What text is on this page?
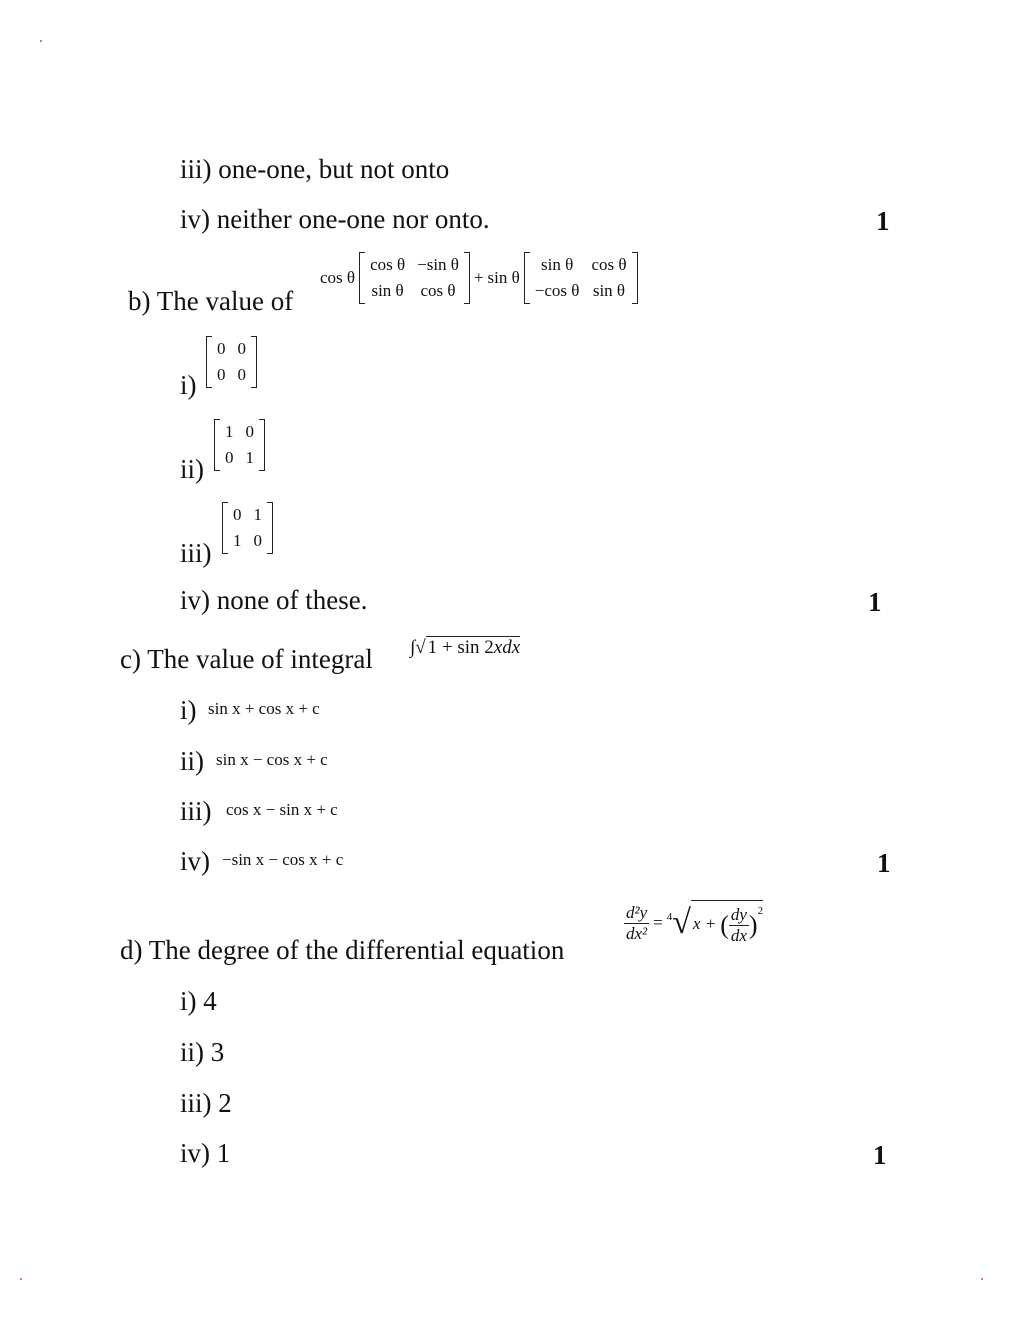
iii) one-one, but not onto
iv) neither one-one nor onto.	1
b) The value of
cos θ
cos θ	−sin θ
sin θ	cos θ
+ sin θ
sin θ	cos θ
−cos θ	sin θ
i)
0	0
0	0
ii)
1	0
0	1
iii)
0	1
1	0
iv) none of these.	1
c) The value of integral ∫√ 1 + sin 2xdx
i) sin x + cos x + c
ii) sin x − cos x + c
iii) cos x − sin x + c
iv) −sin x − cos x + c	1
d) The degree of the differential equation
$\frac{\text{d²y}}{\text{dx²}} = ^4√$ x + ( $\frac{dy}{dx} )^2$
i) 4
ii) 3
iii) 2
iv) 1	1
